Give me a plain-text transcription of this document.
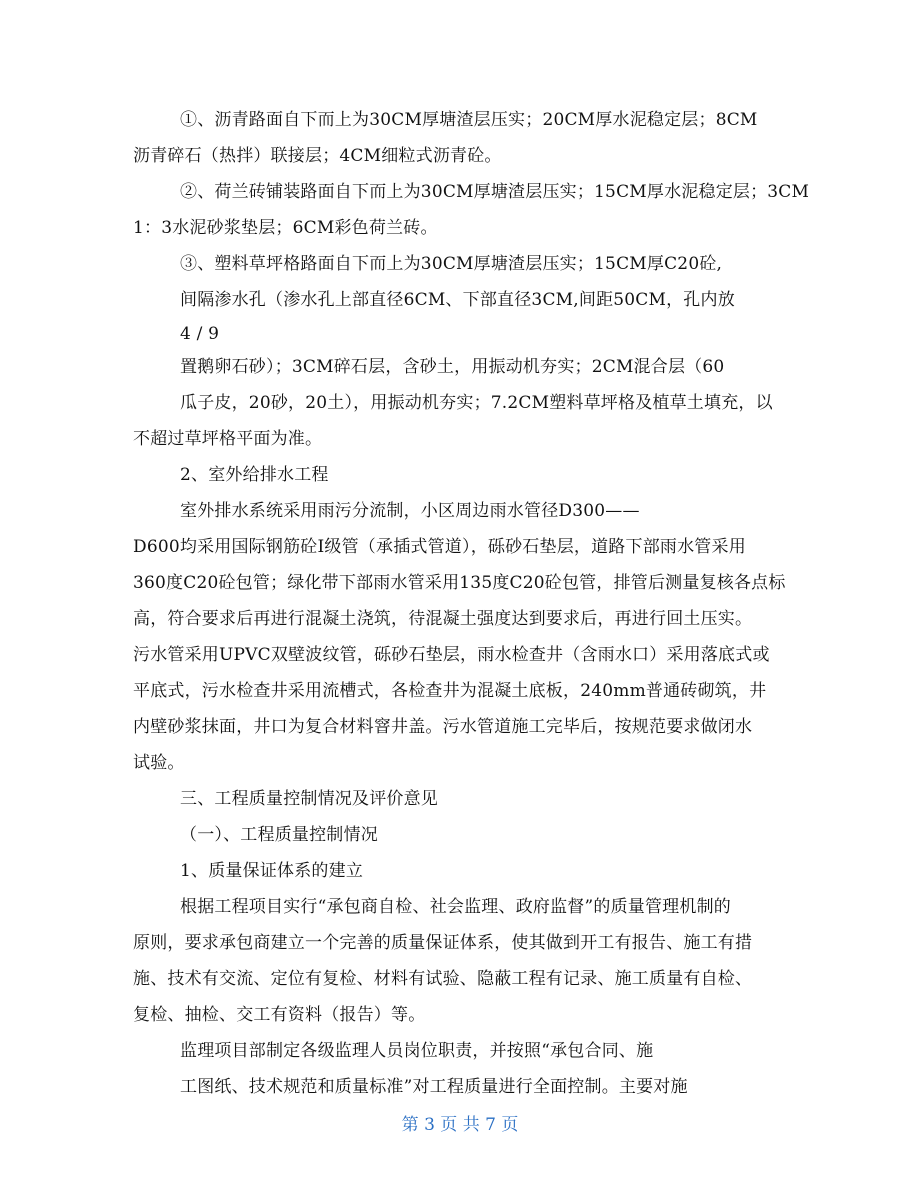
①、沥青路面自下而上为30CM厚塘渣层压实；20CM厚水泥稳定层；8CM
沥青碎石（热拌）联接层；4CM细粒式沥青砼。
②、荷兰砖铺装路面自下而上为30CM厚塘渣层压实；15CM厚水泥稳定层；3CM
1：3水泥砂浆垫层；6CM彩色荷兰砖。
③、塑料草坪格路面自下而上为30CM厚塘渣层压实；15CM厚C20砼,
间隔渗水孔（渗水孔上部直径6CM、下部直径3CM,间距50CM，孔内放
4 / 9
置鹅卵石砂）；3CM碎石层，含砂土，用振动机夯实；2CM混合层（60
瓜子皮，20砂，20土），用振动机夯实；7.2CM塑料草坪格及植草土填充，以
不超过草坪格平面为准。
2、室外给排水工程
室外排水系统采用雨污分流制，小区周边雨水管径D300——
D600均采用国际钢筋砼Ⅰ级管（承插式管道），砾砂石垫层，道路下部雨水管采用
360度C20砼包管；绿化带下部雨水管采用135度C20砼包管，排管后测量复核各点标
高，符合要求后再进行混凝土浇筑，待混凝土强度达到要求后，再进行回土压实。
污水管采用UPVC双壁波纹管，砾砂石垫层，雨水检查井（含雨水口）采用落底式或
平底式，污水检查井采用流槽式，各检查井为混凝土底板，240mm普通砖砌筑，井
内壁砂浆抹面，井口为复合材料窨井盖。污水管道施工完毕后，按规范要求做闭水
试验。
三、工程质量控制情况及评价意见
（一）、工程质量控制情况
1、质量保证体系的建立
根据工程项目实行“承包商自检、社会监理、政府监督”的质量管理机制的
原则，要求承包商建立一个完善的质量保证体系，使其做到开工有报告、施工有措
施、技术有交流、定位有复检、材料有试验、隐蔽工程有记录、施工质量有自检、
复检、抽检、交工有资料（报告）等。
监理项目部制定各级监理人员岗位职责，并按照“承包合同、施
工图纸、技术规范和质量标准”对工程质量进行全面控制。主要对施
第 3 页 共 7 页
